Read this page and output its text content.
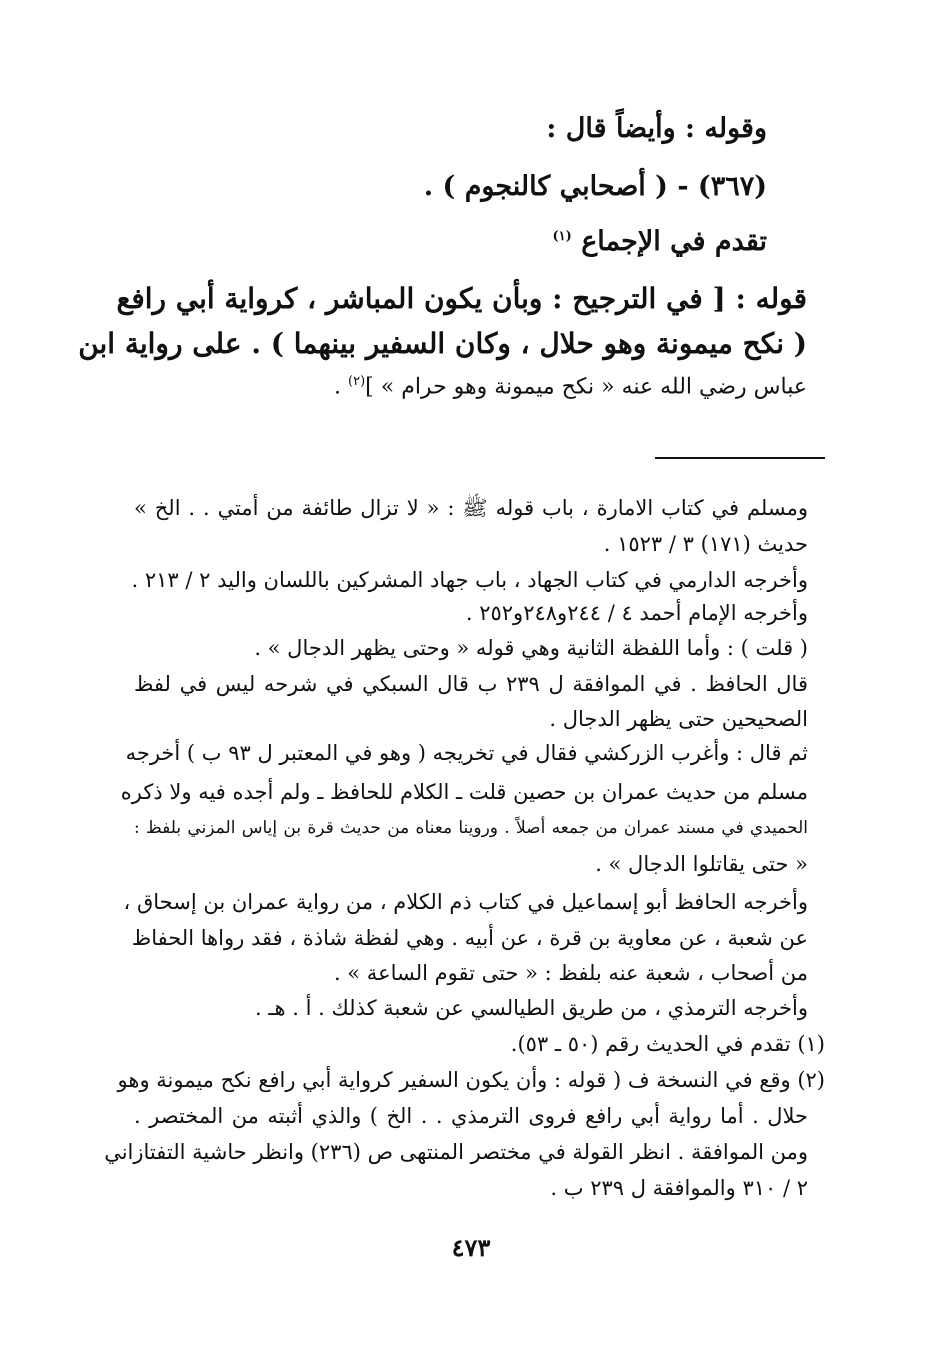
وقوله : وأيضاً قال :
(٣٦٧) - ( أصحابي كالنجوم ) .
تقدم في الإجماع $^{(١)}$
قوله : [ في الترجيح : وبأن يكون المباشر ، كرواية أبي رافع
( نكح ميمونة وهو حلال ، وكان السفير بينهما ) . على رواية ابن
عباس رضي الله عنه « نكح ميمونة وهو حرام » ]$^{(٢)}$ .
ومسلم في كتاب الامارة ، باب قوله ﷺ : « لا تزال طائفة من أمتي . . الخ »
حديث (١٧١) ٣ / ١٥٢٣ .
وأخرجه الدارمي في كتاب الجهاد ، باب جهاد المشركين باللسان واليد ٢ / ٢١٣ .
وأخرجه الإمام أحمد ٤ / ٢٤٤و٢٤٨و٢٥٢ .
( قلت ) : وأما اللفظة الثانية وهي قوله « وحتى يظهر الدجال » .
قال الحافظ . في الموافقة ل ٢٣٩ ب قال السبكي في شرحه ليس في لفظ
الصحيحين حتى يظهر الدجال .
ثم قال : وأغرب الزركشي فقال في تخريجه ( وهو في المعتبر ل ٩٣ ب ) أخرجه
مسلم من حديث عمران بن حصين قلت ـ الكلام للحافظ ـ ولم أجده فيه ولا ذكره
الحميدي في مسند عمران من جمعه أصلاً . وروينا معناه من حديث قرة بن إياس المزني بلفظ :
« حتى يقاتلوا الدجال » .
وأخرجه الحافظ أبو إسماعيل في كتاب ذم الكلام ، من رواية عمران بن إسحاق ،
عن شعبة ، عن معاوية بن قرة ، عن أبيه . وهي لفظة شاذة ، فقد رواها الحفاظ
من أصحاب ، شعبة عنه بلفظ : « حتى تقوم الساعة » .
وأخرجه الترمذي ، من طريق الطيالسي عن شعبة كذلك . أ . هـ .
(١) تقدم في الحديث رقم (٥٠ ـ ٥٣).
(٢) وقع في النسخة ف ( قوله : وأن يكون السفير كرواية أبي رافع نكح ميمونة وهو
حلال . أما رواية أبي رافع فروى الترمذي . . الخ ) والذي أثبته من المختصر .
ومن الموافقة . انظر القولة في مختصر المنتهى ص (٢٣٦) وانظر حاشية التفتازاني
٢ / ٣١٠ والموافقة ل ٢٣٩ ب .
٤٧٣
